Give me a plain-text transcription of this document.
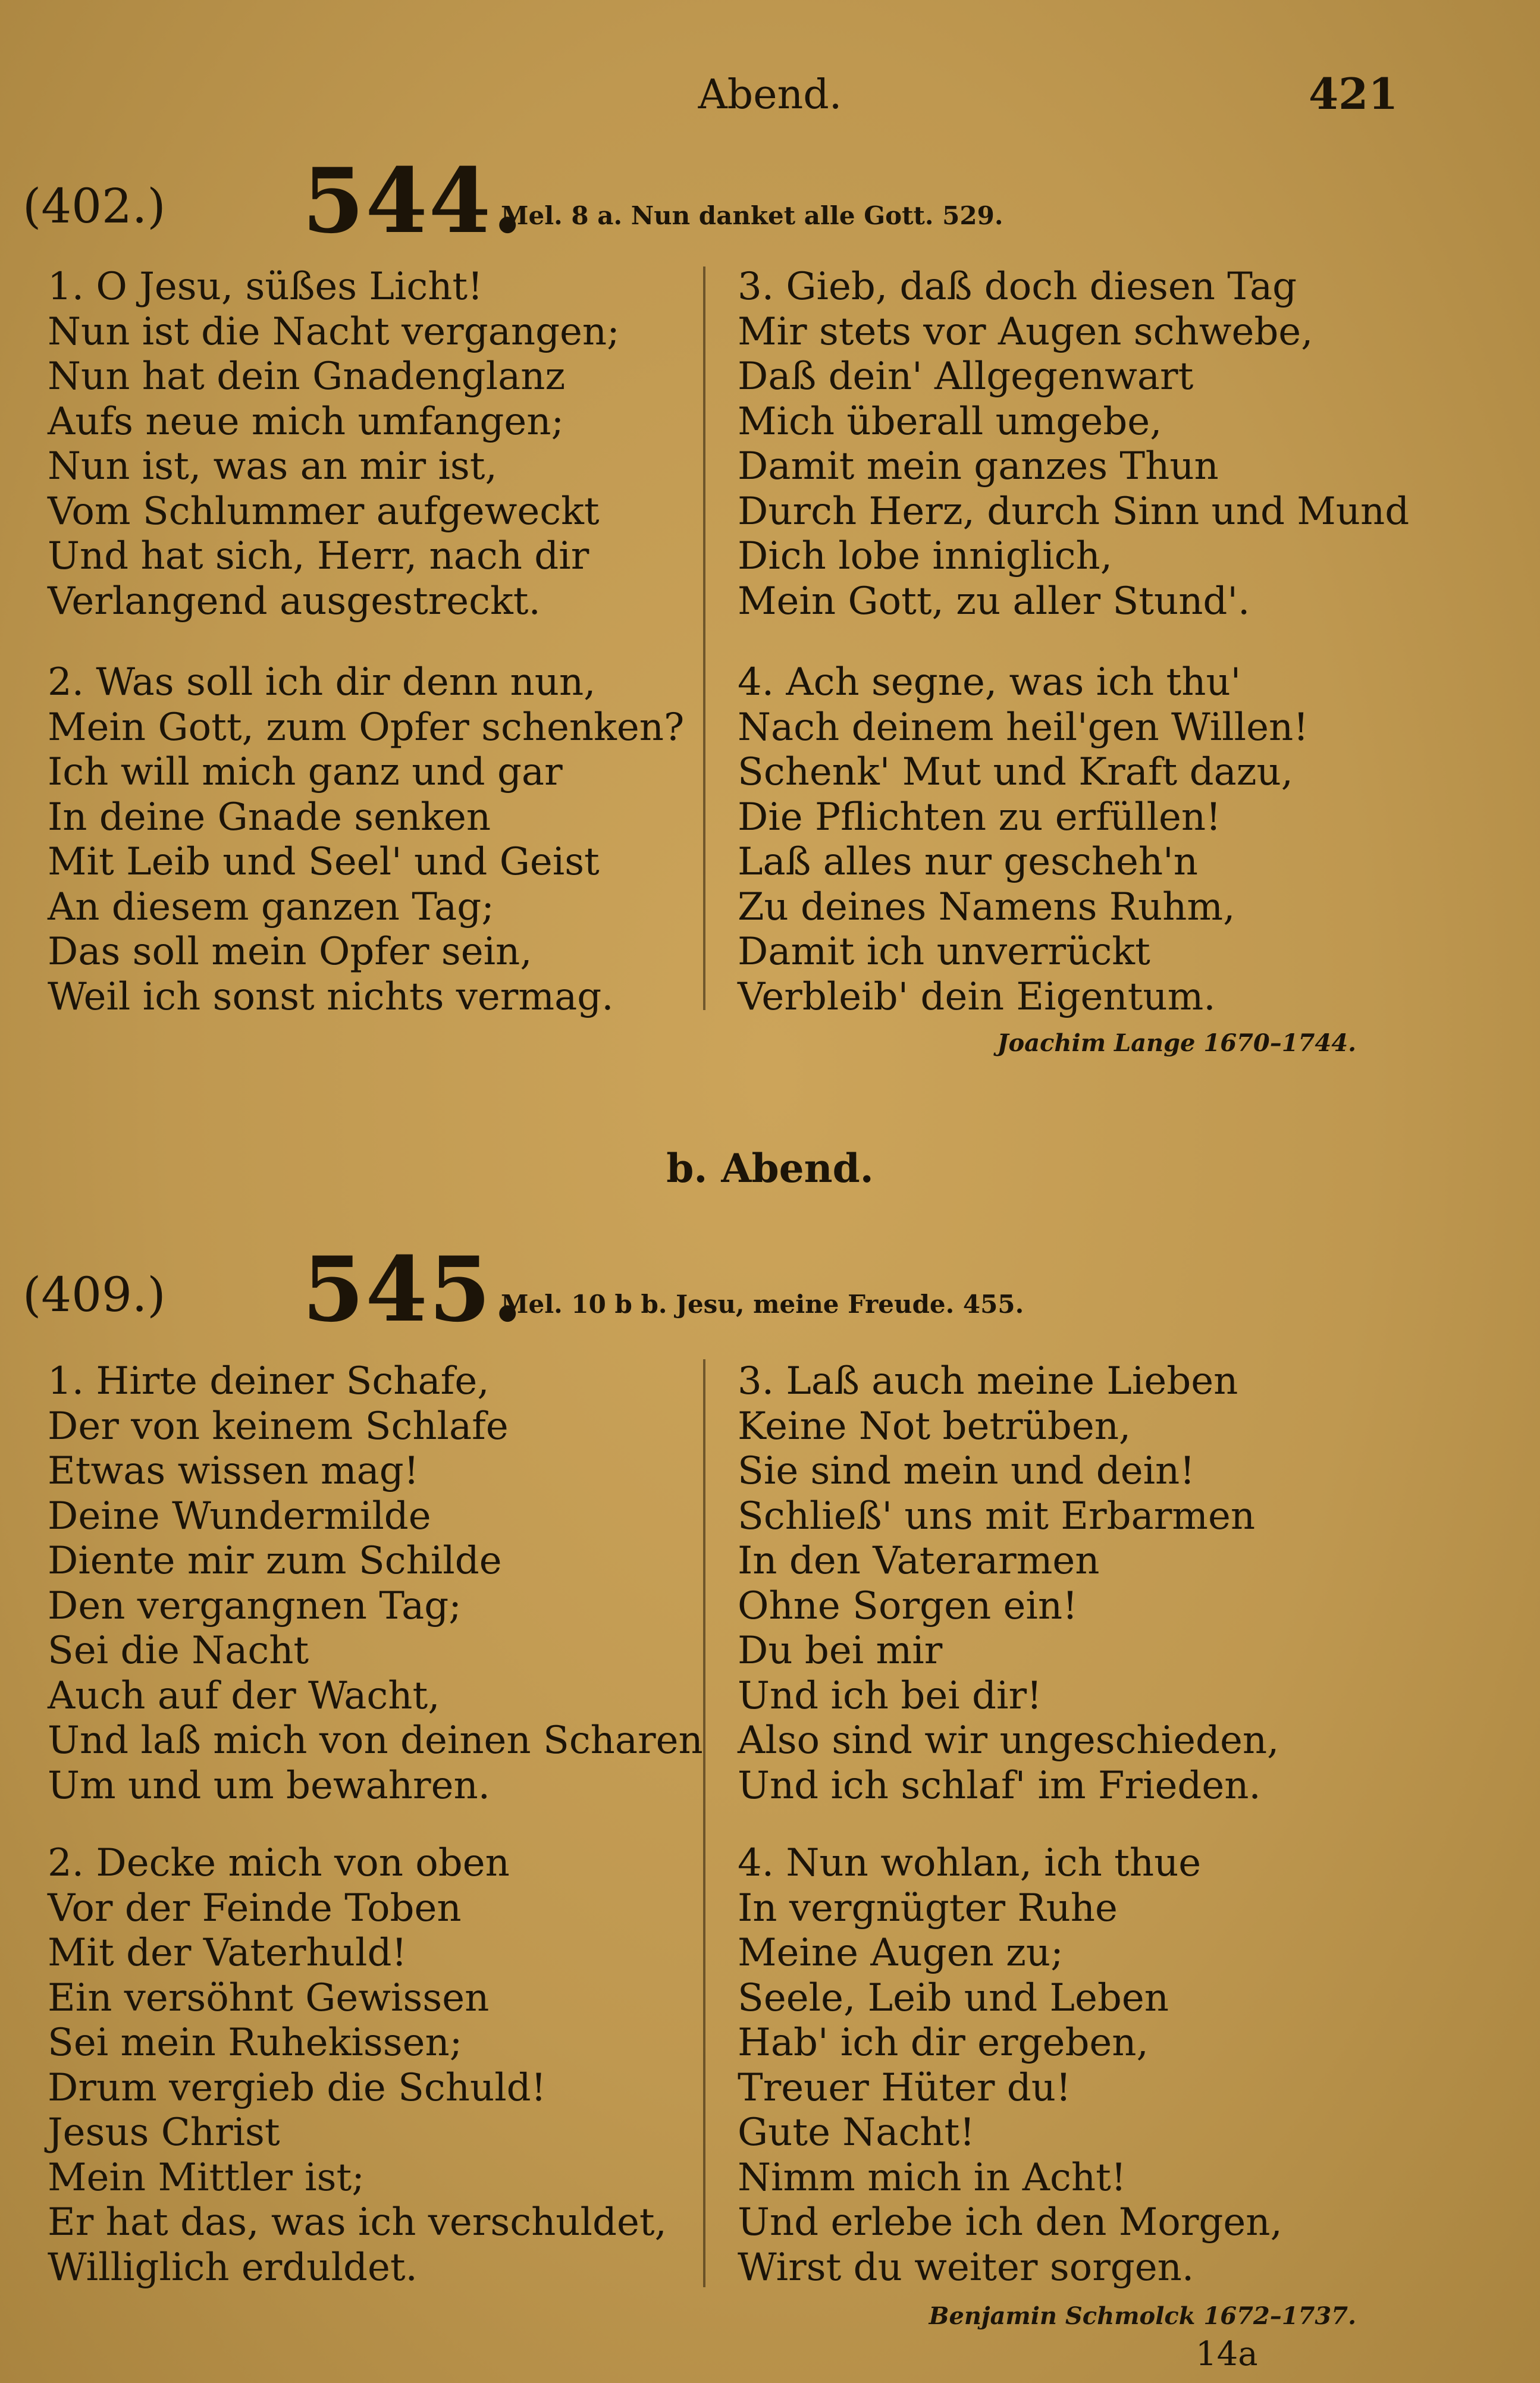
Abend.	421
(402.) 544.
Mel. 8 a. Nun danket alle Gott. 529.
1. O Jesu, süßes Licht!
Nun ist die Nacht vergangen;
Nun hat dein Gnadenglanz
Aufs neue mich umfangen;
Nun ist, was an mir ist,
Vom Schlummer aufgeweckt
Und hat sich, Herr, nach dir
Verlangend ausgestreckt.
2. Was soll ich dir denn nun,
Mein Gott, zum Opfer schenken?
Ich will mich ganz und gar
In deine Gnade senken
Mit Leib und Seel' und Geist
An diesem ganzen Tag;
Das soll mein Opfer sein,
Weil ich sonst nichts vermag.
3. Gieb, daß doch diesen Tag
Mir stets vor Augen schwebe,
Daß dein' Allgegenwart
Mich überall umgebe,
Damit mein ganzes Thun
Durch Herz, durch Sinn und Mund
Dich lobe inniglich,
Mein Gott, zu aller Stund'.
4. Ach segne, was ich thu'
Nach deinem heil'gen Willen!
Schenk' Mut und Kraft dazu,
Die Pflichten zu erfüllen!
Laß alles nur gescheh'n
Zu deines Namens Ruhm,
Damit ich unverrückt
Verbleib' dein Eigentum.
Joachim Lange 1670–1744.
b. Abend.
(409.) 545.
Mel. 10 b b. Jesu, meine Freude. 455.
1. Hirte deiner Schafe,
Der von keinem Schlafe
Etwas wissen mag!
Deine Wundermilde
Diente mir zum Schilde
Den vergangnen Tag;
Sei die Nacht
Auch auf der Wacht,
Und laß mich von deinen Scharen
Um und um bewahren.
2. Decke mich von oben
Vor der Feinde Toben
Mit der Vaterhuld!
Ein versöhnt Gewissen
Sei mein Ruhekissen;
Drum vergieb die Schuld!
Jesus Christ
Mein Mittler ist;
Er hat das, was ich verschuldet,
Williglich erduldet.
3. Laß auch meine Lieben
Keine Not betrüben,
Sie sind mein und dein!
Schließ' uns mit Erbarmen
In den Vaterarmen
Ohne Sorgen ein!
Du bei mir
Und ich bei dir!
Also sind wir ungeschieden,
Und ich schlaf' im Frieden.
4. Nun wohlan, ich thue
In vergnügter Ruhe
Meine Augen zu;
Seele, Leib und Leben
Hab' ich dir ergeben,
Treuer Hüter du!
Gute Nacht!
Nimm mich in Acht!
Und erlebe ich den Morgen,
Wirst du weiter sorgen.
Benjamin Schmolck 1672–1737.
14a
